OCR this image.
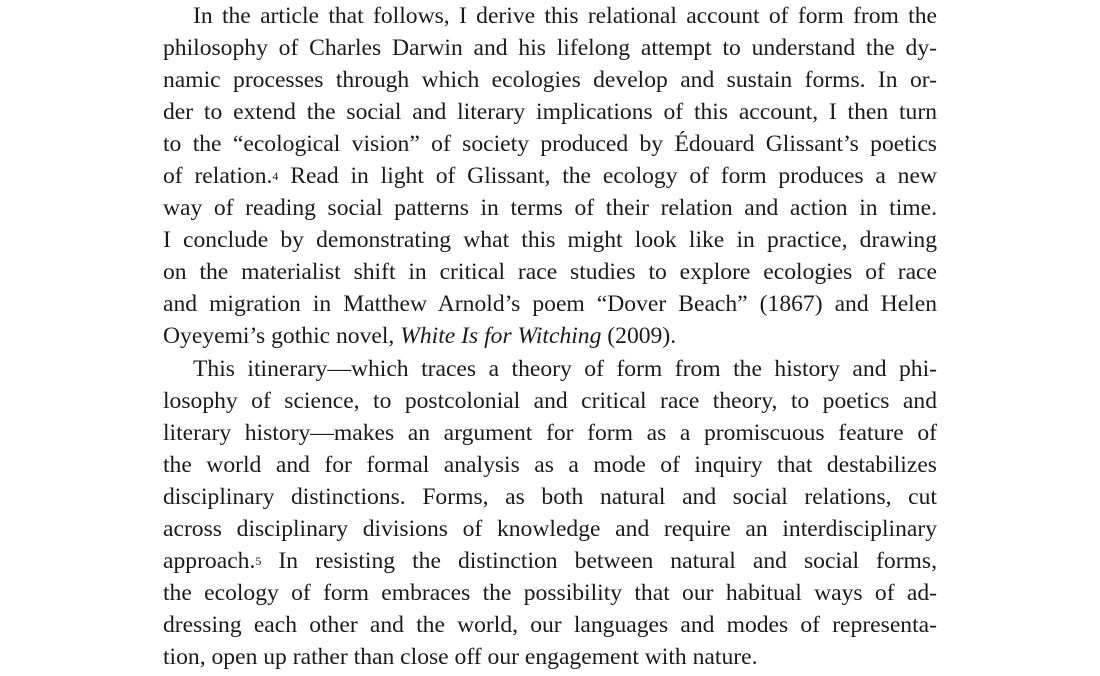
In the article that follows, I derive this relational account of form from the
philosophy of Charles Darwin and his lifelong attempt to understand the dy-
namic processes through which ecologies develop and sustain forms. In or-
der to extend the social and literary implications of this account, I then turn
to the “ecological vision” of society produced by Édouard Glissant’s poetics
of relation.$^4$ Read in light of Glissant, the ecology of form produces a new
way of reading social patterns in terms of their relation and action in time.
I conclude by demonstrating what this might look like in practice, drawing
on the materialist shift in critical race studies to explore ecologies of race
and migration in Matthew Arnold’s poem “Dover Beach” (1867) and Helen
Oyeyemi’s gothic novel, White Is for Witching (2009).
This itinerary—which traces a theory of form from the history and phi-
losophy of science, to postcolonial and critical race theory, to poetics and
literary history—makes an argument for form as a promiscuous feature of
the world and for formal analysis as a mode of inquiry that destabilizes
disciplinary distinctions. Forms, as both natural and social relations, cut
across disciplinary divisions of knowledge and require an interdisciplinary
approach.$^5$ In resisting the distinction between natural and social forms,
the ecology of form embraces the possibility that our habitual ways of ad-
dressing each other and the world, our languages and modes of representa-
tion, open up rather than close off our engagement with nature.
